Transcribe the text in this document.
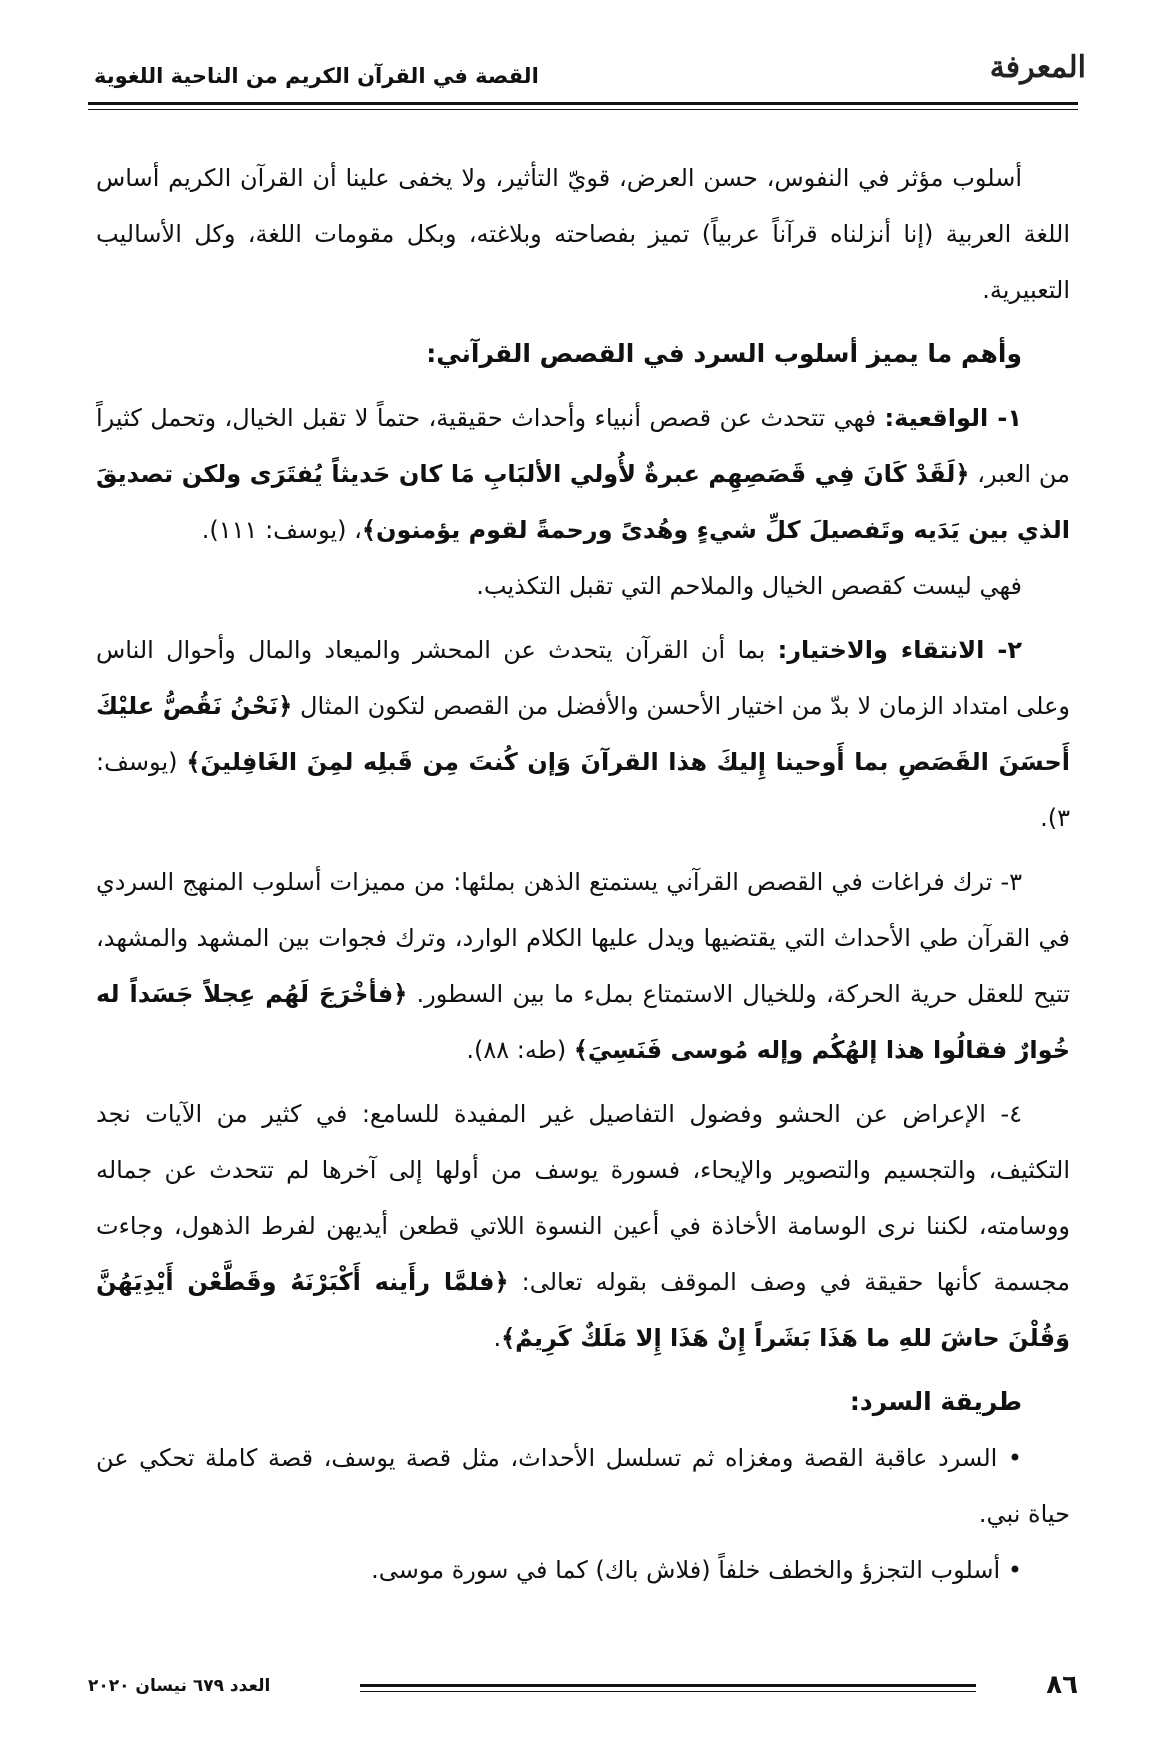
المعرفة
القصة في القرآن الكريم من الناحية اللغوية

أسلوب مؤثر في النفوس، حسن العرض، قويّ التأثير، ولا يخفى علينا أن القرآن الكريم أساس اللغة العربية (إنا أنزلناه قرآناً عربياً) تميز بفصاحته وبلاغته، وبكل مقومات اللغة، وكل الأساليب التعبيرية.

وأهم ما يميز أسلوب السرد في القصص القرآني:

١- الواقعية: فهي تتحدث عن قصص أنبياء وأحداث حقيقية، حتماً لا تقبل الخيال، وتحمل كثيراً من العبر، ﴿لَقَدْ كَانَ فِي قَصَصِهِم عبرةٌ لأُولي الألبَابِ مَا كان حَديثاً يُفتَرَى ولكن تصديقَ الذي بين يَدَيه وتَفصيلَ كلِّ شيءٍ وهُدىً ورحمةً لقوم يؤمنون﴾، (يوسف: ١١١).

فهي ليست كقصص الخيال والملاحم التي تقبل التكذيب.

٢- الانتقاء والاختيار: بما أن القرآن يتحدث عن المحشر والميعاد والمال وأحوال الناس وعلى امتداد الزمان لا بدّ من اختيار الأحسن والأفضل من القصص لتكون المثال ﴿نَحْنُ نَقُصُّ عليْكَ أَحسَنَ القَصَصِ بما أَوحينا إِليكَ هذا القرآنَ وَإن كُنتَ مِن قَبلِه لمِنَ الغَافِلينَ﴾ (يوسف: ٣).

٣- ترك فراغات في القصص القرآني يستمتع الذهن بملئها: من مميزات أسلوب المنهج السردي في القرآن طي الأحداث التي يقتضيها ويدل عليها الكلام الوارد، وترك فجوات بين المشهد والمشهد، تتيح للعقل حرية الحركة، وللخيال الاستمتاع بملء ما بين السطور. ﴿فأخْرَجَ لَهُم عِجلاً جَسَداً له خُوارٌ فقالُوا هذا إلهُكُم وإله مُوسى فَنَسِيَ﴾ (طه: ٨٨).

٤- الإعراض عن الحشو وفضول التفاصيل غير المفيدة للسامع: في كثير من الآيات نجد التكثيف، والتجسيم والتصوير والإيحاء، فسورة يوسف من أولها إلى آخرها لم تتحدث عن جماله ووسامته، لكننا نرى الوسامة الأخاذة في أعين النسوة اللاتي قطعن أيديهن لفرط الذهول، وجاءت مجسمة كأنها حقيقة في وصف الموقف بقوله تعالى: ﴿فلمَّا رأَينه أَكْبَرْنَهُ وقَطَّعْن أَيْدِيَهُنَّ وَقُلْنَ حاشَ للهِ ما هَذَا بَشَراً إِنْ هَذَا إِلا مَلَكٌ كَرِيمٌ﴾.

طريقة السرد:

• السرد عاقبة القصة ومغزاه ثم تسلسل الأحداث، مثل قصة يوسف، قصة كاملة تحكي عن حياة نبي.

• أسلوب التجزؤ والخطف خلفاً (فلاش باك) كما في سورة موسى.

٨٦
العدد ٦٧٩ نيسان ٢٠٢٠
